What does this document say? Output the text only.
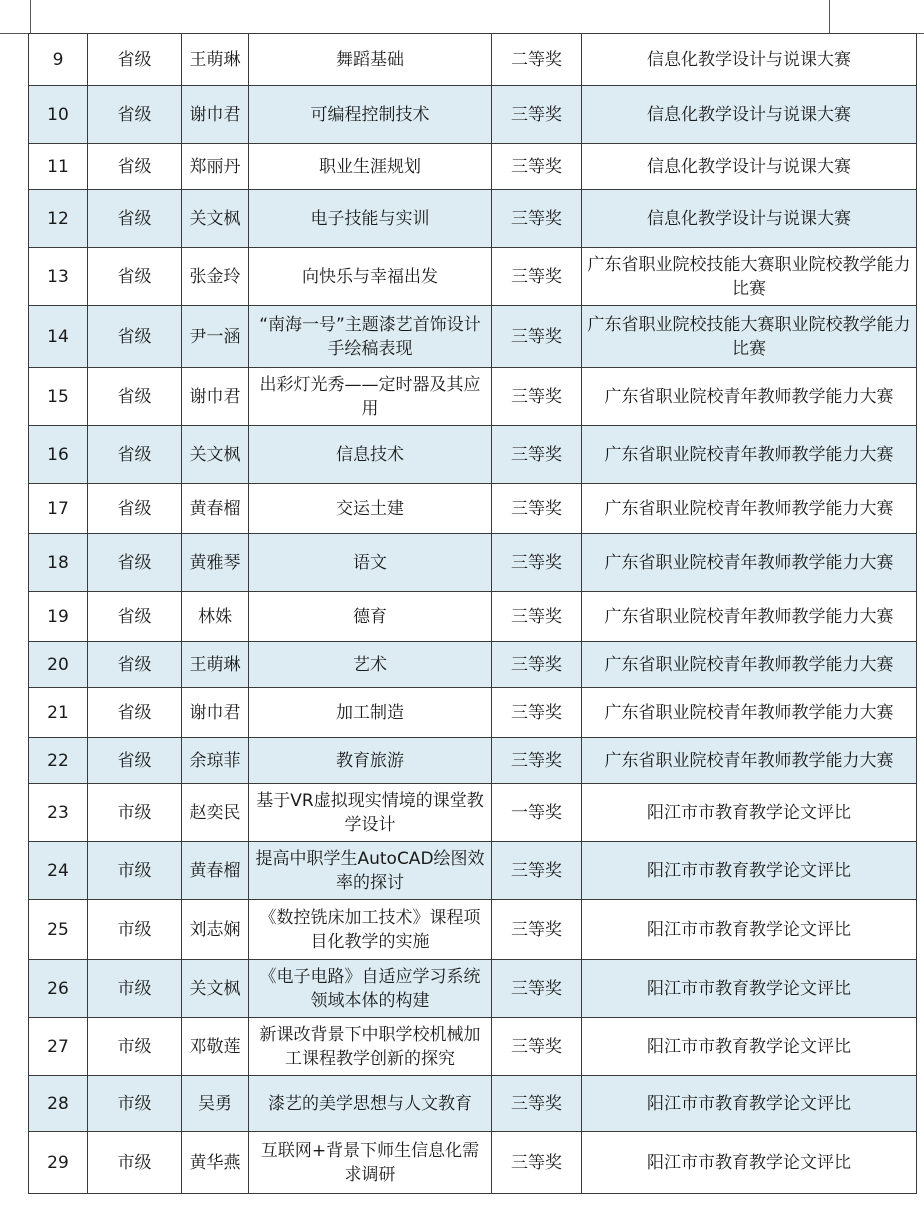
9	省级	王萌琳	舞蹈基础	二等奖	信息化教学设计与说课大赛
10	省级	谢巾君	可编程控制技术	三等奖	信息化教学设计与说课大赛
11	省级	郑丽丹	职业生涯规划	三等奖	信息化教学设计与说课大赛
12	省级	关文枫	电子技能与实训	三等奖	信息化教学设计与说课大赛
13	省级	张金玲	向快乐与幸福出发	三等奖	广东省职业院校技能大赛职业院校教学能力比赛
14	省级	尹一涵	“南海一号”主题漆艺首饰设计手绘稿表现	三等奖	广东省职业院校技能大赛职业院校教学能力比赛
15	省级	谢巾君	出彩灯光秀——定时器及其应用	三等奖	广东省职业院校青年教师教学能力大赛
16	省级	关文枫	信息技术	三等奖	广东省职业院校青年教师教学能力大赛
17	省级	黄春榴	交运土建	三等奖	广东省职业院校青年教师教学能力大赛
18	省级	黄雅琴	语文	三等奖	广东省职业院校青年教师教学能力大赛
19	省级	林姝	德育	三等奖	广东省职业院校青年教师教学能力大赛
20	省级	王萌琳	艺术	三等奖	广东省职业院校青年教师教学能力大赛
21	省级	谢巾君	加工制造	三等奖	广东省职业院校青年教师教学能力大赛
22	省级	余琼菲	教育旅游	三等奖	广东省职业院校青年教师教学能力大赛
23	市级	赵奕民	基于VR虚拟现实情境的课堂教学设计	一等奖	阳江市市教育教学论文评比
24	市级	黄春榴	提高中职学生AutoCAD绘图效率的探讨	三等奖	阳江市市教育教学论文评比
25	市级	刘志娴	《数控铣床加工技术》课程项目化教学的实施	三等奖	阳江市市教育教学论文评比
26	市级	关文枫	《电子电路》自适应学习系统领域本体的构建	三等奖	阳江市市教育教学论文评比
27	市级	邓敬莲	新课改背景下中职学校机械加工课程教学创新的探究	三等奖	阳江市市教育教学论文评比
28	市级	吴勇	漆艺的美学思想与人文教育	三等奖	阳江市市教育教学论文评比
29	市级	黄华燕	互联网+背景下师生信息化需求调研	三等奖	阳江市市教育教学论文评比
